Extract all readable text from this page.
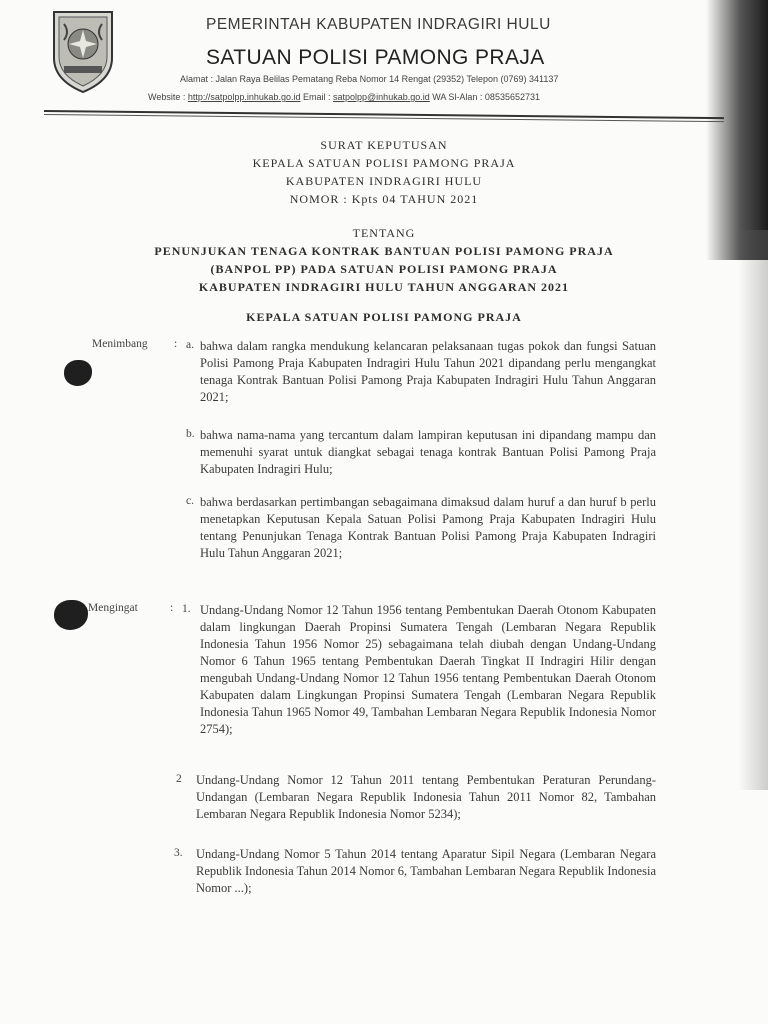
PEMERINTAH KABUPATEN INDRAGIRI HULU
SATUAN POLISI PAMONG PRAJA
Alamat : Jalan Raya Belilas Pematang Reba Nomor 14 Rengat (29352) Telepon (0769) 341137
Website : http://satpolpp.inhukab.go.id Email : satpolpp@inhukab.go.id WA Sl-Alan : 08535652731
SURAT KEPUTUSAN
KEPALA SATUAN POLISI PAMONG PRAJA
KABUPATEN INDRAGIRI HULU
NOMOR : Kpts 04 TAHUN 2021
TENTANG
PENUNJUKAN TENAGA KONTRAK BANTUAN POLISI PAMONG PRAJA
(BANPOL PP) PADA SATUAN POLISI PAMONG PRAJA
KABUPATEN INDRAGIRI HULU TAHUN ANGGARAN 2021
KEPALA SATUAN POLISI PAMONG PRAJA
Menimbang : a. bahwa dalam rangka mendukung kelancaran pelaksanaan tugas pokok dan fungsi Satuan Polisi Pamong Praja Kabupaten Indragiri Hulu Tahun 2021 dipandang perlu mengangkat tenaga Kontrak Bantuan Polisi Pamong Praja Kabupaten Indragiri Hulu Tahun Anggaran 2021;
b. bahwa nama-nama yang tercantum dalam lampiran keputusan ini dipandang mampu dan memenuhi syarat untuk diangkat sebagai tenaga kontrak Bantuan Polisi Pamong Praja Kabupaten Indragiri Hulu;
c. bahwa berdasarkan pertimbangan sebagaimana dimaksud dalam huruf a dan huruf b perlu menetapkan Keputusan Kepala Satuan Polisi Pamong Praja Kabupaten Indragiri Hulu tentang Penunjukan Tenaga Kontrak Bantuan Polisi Pamong Praja Kabupaten Indragiri Hulu Tahun Anggaran 2021;
Mengingat	: 1. Undang-Undang Nomor 12 Tahun 1956 tentang Pembentukan Daerah Otonom Kabupaten dalam lingkungan Daerah Propinsi Sumatera Tengah (Lembaran Negara Republik Indonesia Tahun 1956 Nomor 25) sebagaimana telah diubah dengan Undang-Undang Nomor 6 Tahun 1965 tentang Pembentukan Daerah Tingkat II Indragiri Hilir dengan mengubah Undang-Undang Nomor 12 Tahun 1956 tentang Pembentukan Daerah Otonom Kabupaten dalam Lingkungan Propinsi Sumatera Tengah (Lembaran Negara Republik Indonesia Tahun 1965 Nomor 49, Tambahan Lembaran Negara Republik Indonesia Nomor 2754);
2 Undang-Undang Nomor 12 Tahun 2011 tentang Pembentukan Peraturan Perundang-Undangan (Lembaran Negara Republik Indonesia Tahun 2011 Nomor 82, Tambahan Lembaran Negara Republik Indonesia Nomor 5234);
3. Undang-Undang Nomor 5 Tahun 2014 tentang Aparatur Sipil Negara (Lembaran Negara Republik Indonesia Tahun 2014 Nomor 6, Tambahan Lembaran Negara Republik Indonesia Nomor ...);
